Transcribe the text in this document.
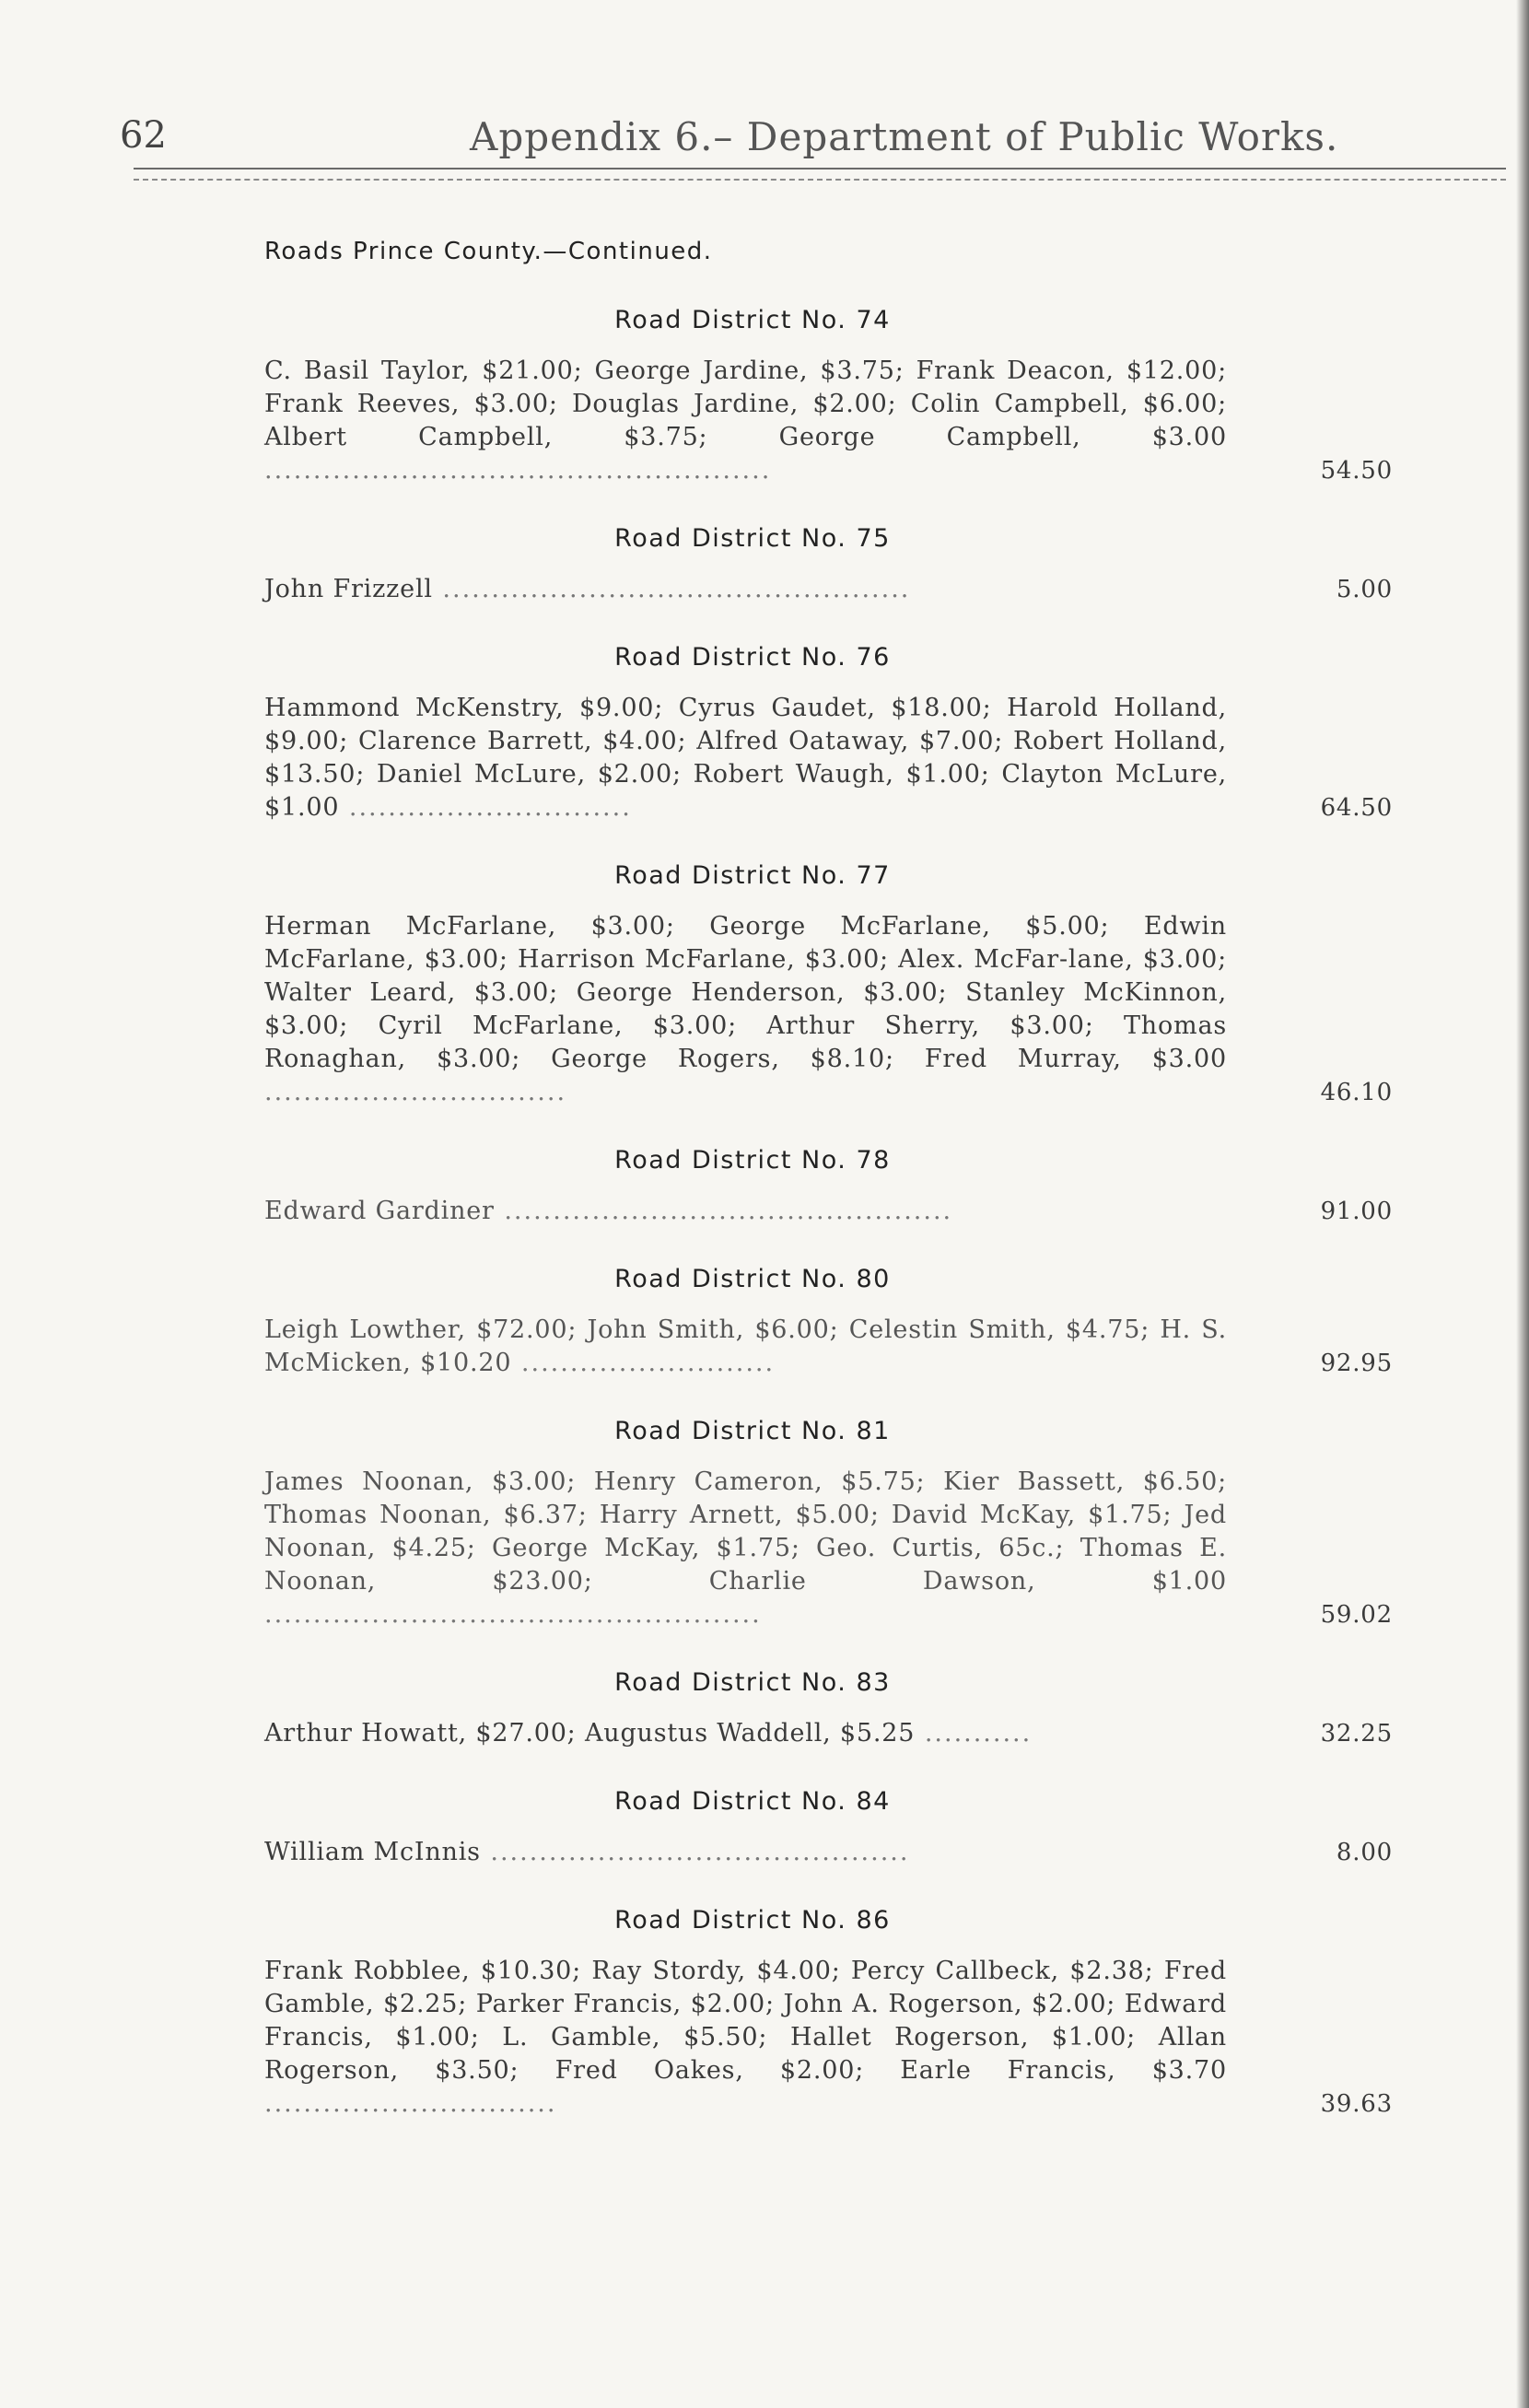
62	Appendix 6.– Department of Public Works.
Roads Prince County.—Continued.
Road District No. 74
C. Basil Taylor, $21.00; George Jardine, $3.75; Frank Deacon, $12.00; Frank Reeves, $3.00; Douglas Jardine, $2.00; Colin Campbell, $6.00; Albert Campbell, $3.75; George Campbell, $3.00 ....................................................	54.50
Road District No. 75
John Frizzell ................................................	5.00
Road District No. 76
Hammond McKenstry, $9.00; Cyrus Gaudet, $18.00; Harold Holland, $9.00; Clarence Barrett, $4.00; Alfred Oataway, $7.00; Robert Holland, $13.50; Daniel McLure, $2.00; Robert Waugh, $1.00; Clayton McLure, $1.00 .............................	64.50
Road District No. 77
Herman McFarlane, $3.00; George McFarlane, $5.00; Edwin McFarlane, $3.00; Harrison McFarlane, $3.00; Alex. McFar-lane, $3.00; Walter Leard, $3.00; George Henderson, $3.00; Stanley McKinnon, $3.00; Cyril McFarlane, $3.00; Arthur Sherry, $3.00; Thomas Ronaghan, $3.00; George Rogers, $8.10; Fred Murray, $3.00 ...............................	46.10
Road District No. 78
Edward Gardiner ..............................................	91.00
Road District No. 80
Leigh Lowther, $72.00; John Smith, $6.00; Celestin Smith, $4.75; H. S. McMicken, $10.20 ..........................	92.95
Road District No. 81
James Noonan, $3.00; Henry Cameron, $5.75; Kier Bassett, $6.50; Thomas Noonan, $6.37; Harry Arnett, $5.00; David McKay, $1.75; Jed Noonan, $4.25; George McKay, $1.75; Geo. Curtis, 65c.; Thomas E. Noonan, $23.00; Charlie Dawson, $1.00 ...................................................	59.02
Road District No. 83
Arthur Howatt, $27.00; Augustus Waddell, $5.25 ...........	32.25
Road District No. 84
William McInnis ...........................................	8.00
Road District No. 86
Frank Robblee, $10.30; Ray Stordy, $4.00; Percy Callbeck, $2.38; Fred Gamble, $2.25; Parker Francis, $2.00; John A. Rogerson, $2.00; Edward Francis, $1.00; L. Gamble, $5.50; Hallet Rogerson, $1.00; Allan Rogerson, $3.50; Fred Oakes, $2.00; Earle Francis, $3.70 ..............................	39.63
